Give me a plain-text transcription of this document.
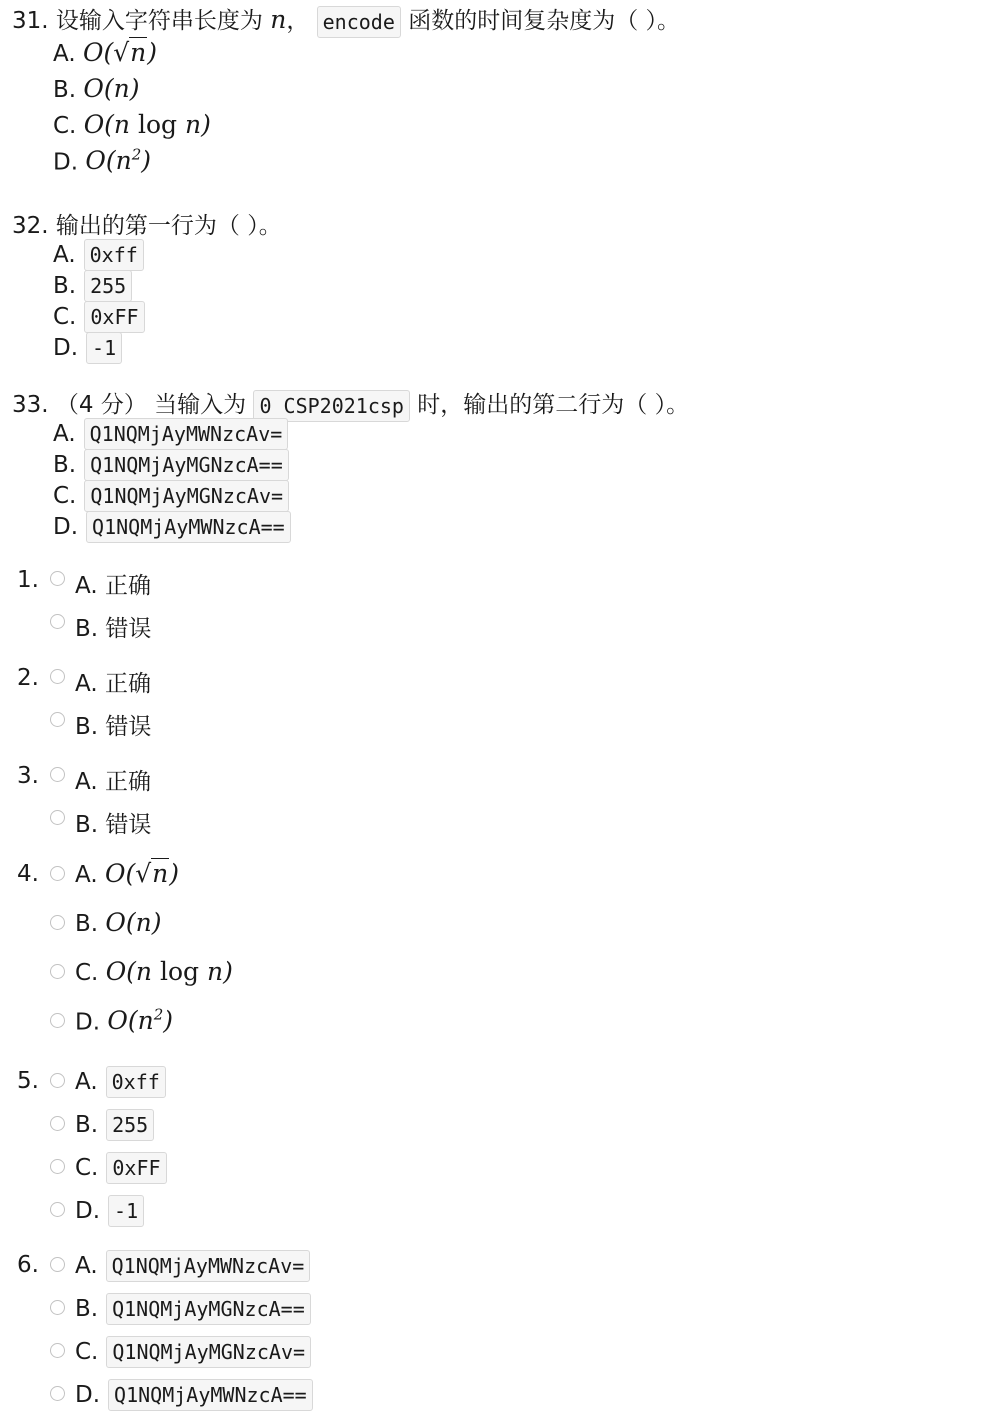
31. 设输入字符串长度为 n， encode 函数的时间复杂度为（ ）。
A. O(√n)
B. O(n)
C. O(n log n)
D. $O(n^2)$
32. 输出的第一行为（ ）。
A. 0xff
B. 255
C. 0xFF
D. -1
33. （4 分） 当输入为 0 CSP2021csp 时，输出的第二行为（ ）。
A. Q1NQMjAyMWNzcAv=
B. Q1NQMjAyMGNzcA==
C. Q1NQMjAyMGNzcAv=
D. Q1NQMjAyMWNzcA==
1. A. 正确
B. 错误
2. A. 正确
B. 错误
3. A. 正确
B. 错误
4. A. O(√n)
B. O(n)
C. O(n log n)
D. $O(n^2)$
5. A. 0xff
B. 255
C. 0xFF
D. -1
6. A. Q1NQMjAyMWNzcAv=
B. Q1NQMjAyMGNzcA==
C. Q1NQMjAyMGNzcAv=
D. Q1NQMjAyMWNzcA==
